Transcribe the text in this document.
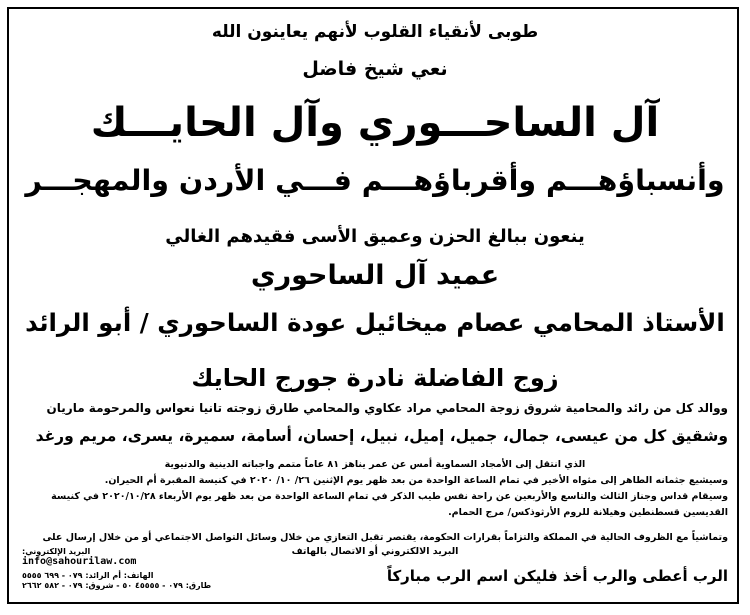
طوبى لأنقياء القلوب لأنهم يعاينون الله
نعي شيخ فاضل
آل الساحـــوري وآل الحايـــك
وأنسباؤهـــم وأقرباؤهـــم فـــي الأردن والمهجـــر
ينعون ببالغ الحزن وعميق الأسى فقيدهم الغالي
عميد آل الساحوري
الأستاذ المحامي عصام ميخائيل عودة الساحوري / أبو الرائد
زوج الفاضلة نادرة جورج الحايك
ووالد كل من رائد والمحامية شروق زوجة المحامي مراد عكاوي والمحامي طارق زوجته تانيا نعواس والمرحومة ماريان
وشقيق كل من عيسى، جمال، جميل، إميل، نبيل، إحسان، أسامة، سميرة، يسرى، مريم ورغد
الذي انتقل إلى الأمجاد السماوية أمس عن عمر يناهز ٨١ عاماً متمم واجباته الدينية والدنيوية
وسيشيع جثمانه الطاهر إلى مثواه الأخير في تمام الساعة الواحدة من بعد ظهر يوم الإثنين ٢٦/ ١٠/ ٢٠٢٠ في كنيسة المقبرة أم الحيران.
وسيقام قداس وجناز الثالث والتاسع والأربعين عن راحة نفس طيب الذكر في تمام الساعة الواحدة من بعد ظهر يوم الأربعاء ٢٠٢٠/١٠/٢٨ في كنيسة
القديسين قسطنطين وهيلانة للروم الأرثوذكس/ مرج الحمام.
وتماشياً مع الظروف الحالية في المملكة والتزاماً بقرارات الحكومة، يقتصر تقبل التعازي من خلال وسائل التواصل الاجتماعي أو من خلال إرسال على
البريد الالكتروني أو الاتصال بالهاتف
الرب أعطى والرب أخذ فليكن اسم الرب مباركاً
البريد الإلكتروني:
info@sahourilaw.com
الهاتف: أم الرائد: ٠٧٩ - ٦٩٩ ٥٥٥٥
طارق: ٠٧٩ - ٤٥٥٥٥ ٥٠ - شروق: ٠٧٩ - ٥٨٢ ٢٦٦٢
